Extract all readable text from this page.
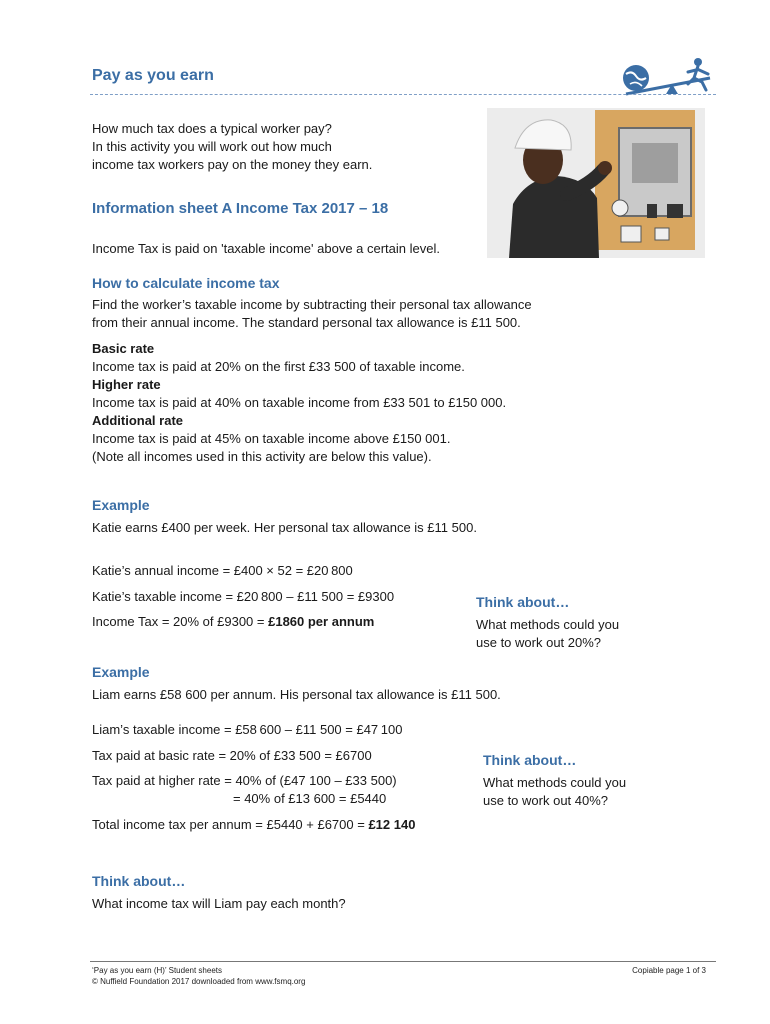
Pay as you earn
How much tax does a typical worker pay?
In this activity you will work out how much
income tax workers pay on the money they earn.
Information sheet A Income Tax 2017 – 18
Income Tax is paid on 'taxable income' above a certain level.
How to calculate income tax
Find the worker’s taxable income by subtracting their personal tax allowance
from their annual income. The standard personal tax allowance is £11 500.
Basic rate
Income tax is paid at 20% on the first £33 500 of taxable income.
Higher rate
Income tax is paid at 40% on taxable income from £33 501 to £150 000.
Additional rate
Income tax is paid at 45% on taxable income above £150 001.
(Note all incomes used in this activity are below this value).
Example
Katie earns £400 per week. Her personal tax allowance is £11 500.
Katie’s annual income = £400 × 52 = £20 800
Katie’s taxable income = £20 800 – £11 500 = £9300
Income Tax = 20% of £9300 = £1860 per annum
Think about…
What methods could you
use to work out 20%?
Example
Liam earns £58 600 per annum. His personal tax allowance is £11 500.
Liam’s taxable income = £58 600 – £11 500 = £47 100
Tax paid at basic rate = 20% of £33 500 = £6700
Tax paid at higher rate = 40% of (£47 100 – £33 500)
= 40% of £13 600 = £5440
Total income tax per annum = £5440 + £6700 = £12 140
Think about…
What methods could you
use to work out 40%?
Think about…
What income tax will Liam pay each month?
‘Pay as you earn (H)’ Student sheets
© Nuffield Foundation 2017 downloaded from www.fsmq.org
Copiable page 1 of 3
